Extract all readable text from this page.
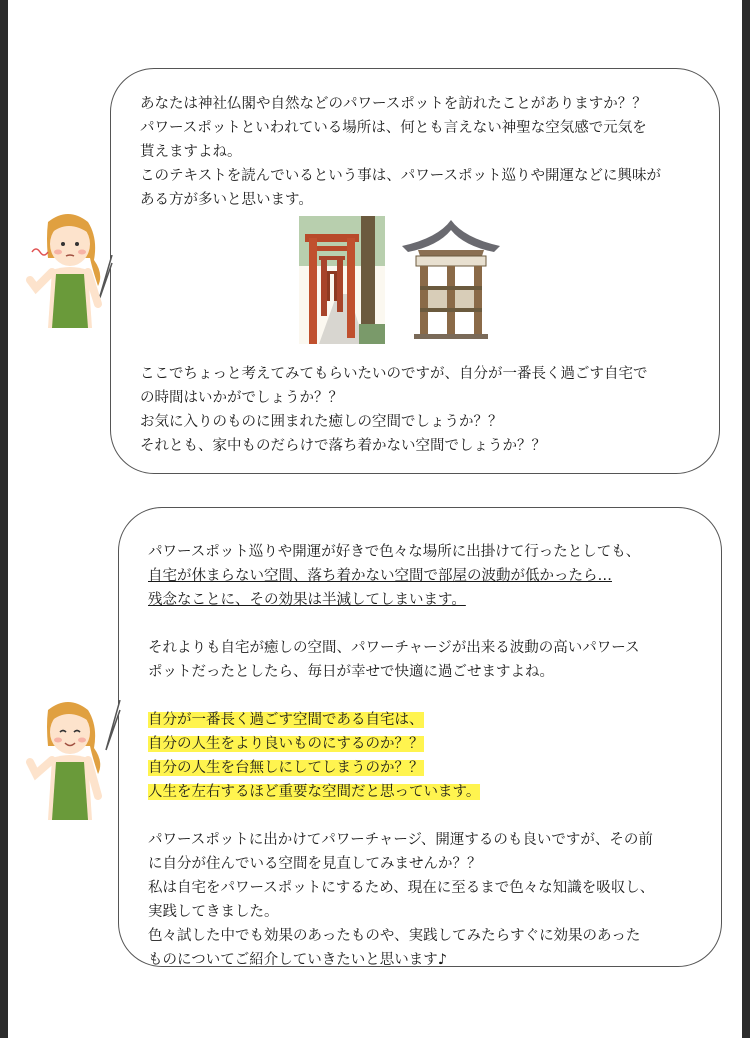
あなたは神社仏閣や自然などのパワースポットを訪れたことがありますか？？
パワースポットといわれている場所は、何とも言えない神聖な空気感で元気を
貰えますよね。
このテキストを読んでいるという事は、パワースポット巡りや開運などに興味が
ある方が多いと思います。
ここでちょっと考えてみてもらいたいのですが、自分が一番長く過ごす自宅で
の時間はいかがでしょうか？？
お気に入りのものに囲まれた癒しの空間でしょうか？？
それとも、家中ものだらけで落ち着かない空間でしょうか？？
パワースポット巡りや開運が好きで色々な場所に出掛けて行ったとしても、
自宅が休まらない空間、落ち着かない空間で部屋の波動が低かったら…
残念なことに、その効果は半減してしまいます。
それよりも自宅が癒しの空間、パワーチャージが出来る波動の高いパワース
ポットだったとしたら、毎日が幸せで快適に過ごせますよね。
自分が一番長く過ごす空間である自宅は、
自分の人生をより良いものにするのか？？
自分の人生を台無しにしてしまうのか？？
人生を左右するほど重要な空間だと思っています。
パワースポットに出かけてパワーチャージ、開運するのも良いですが、その前
に自分が住んでいる空間を見直してみませんか？？
私は自宅をパワースポットにするため、現在に至るまで色々な知識を吸収し、
実践してきました。
色々試した中でも効果のあったものや、実践してみたらすぐに効果のあった
ものについてご紹介していきたいと思います♪
